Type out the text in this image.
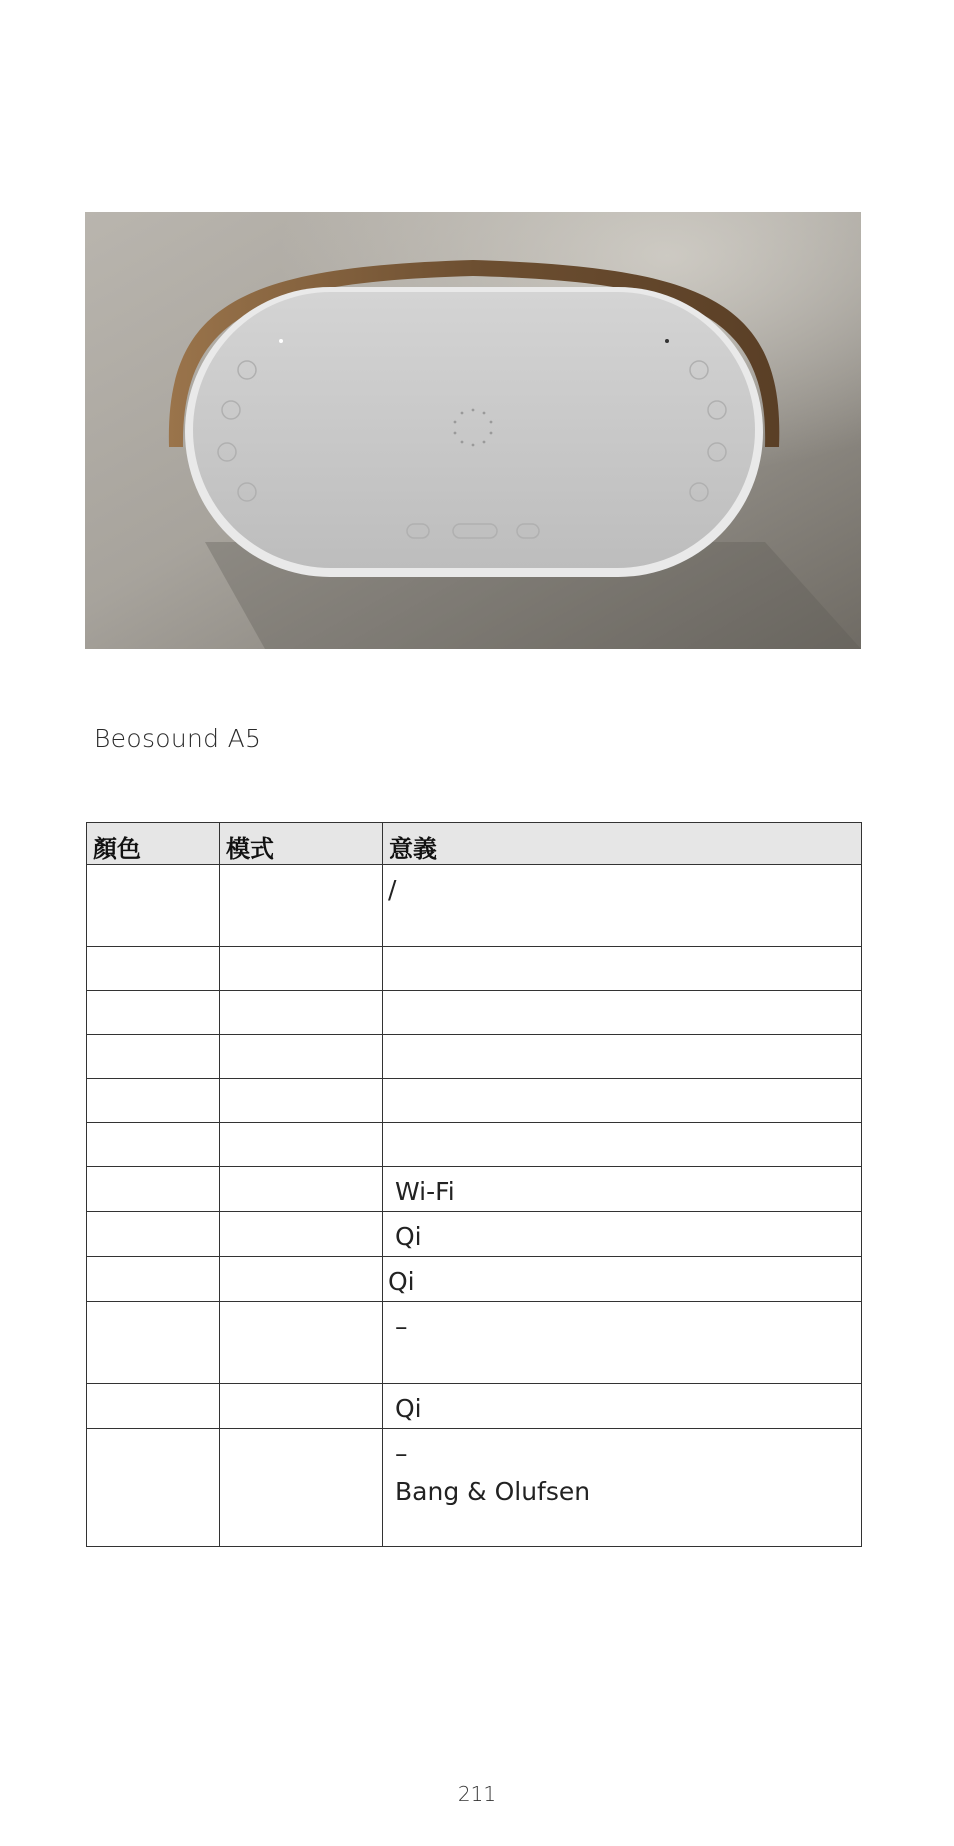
Beosound A5
顏色	模式	意義

		/

		Wi-Fi

		Qi

		Qi

		–

		Qi

		–
Bang & Olufsen
211
